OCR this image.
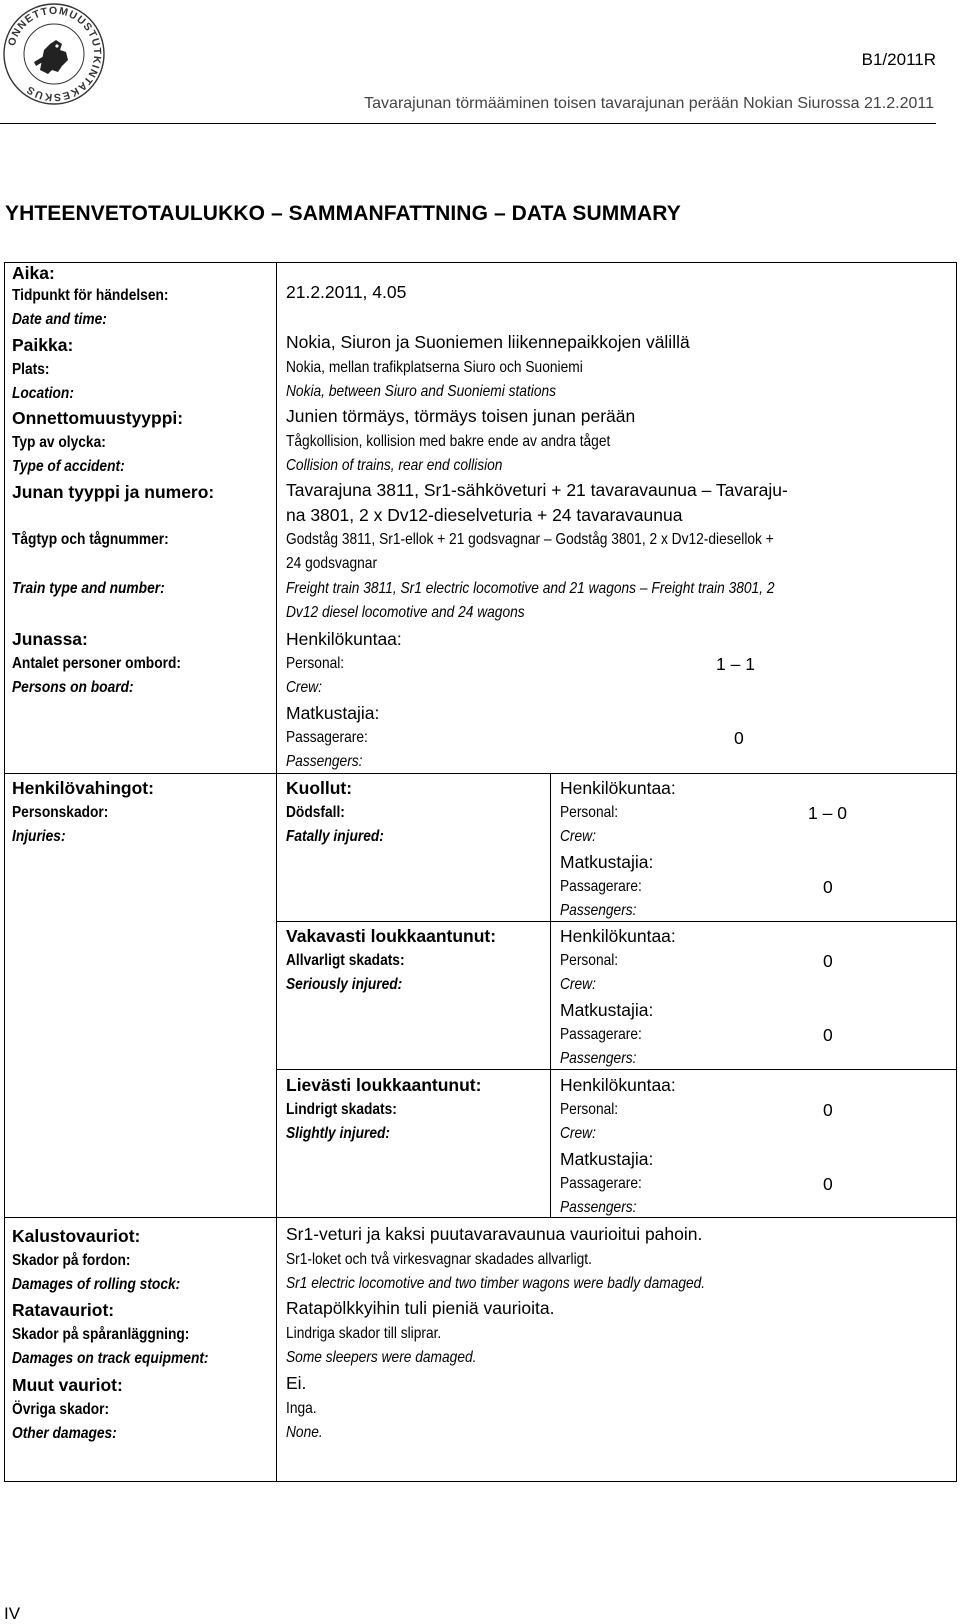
ONNETTOMUUSTUTKINTAKESKUS
B1/2011R
Tavarajunan törmääminen toisen tavarajunan perään Nokian Siurossa 21.2.2011
YHTEENVETOTAULUKKO – SAMMANFATTNING – DATA SUMMARY
Aika:
Tidpunkt för händelsen:
Date and time:
Paikka:
Plats:
Location:
Onnettomuustyyppi:
Typ av olycka:
Type of accident:
Junan tyyppi ja numero:
Tågtyp och tågnummer:
Train type and number:
Junassa:
Antalet personer ombord:
Persons on board:
Henkilövahingot:
Personskador:
Injuries:
Kalustovauriot:
Skador på fordon:
Damages of rolling stock:
Ratavauriot:
Skador på spåranläggning:
Damages on track equipment:
Muut vauriot:
Övriga skador:
Other damages:
21.2.2011, 4.05
Nokia, Siuron ja Suoniemen liikennepaikkojen välillä
Nokia, mellan trafikplatserna Siuro och Suoniemi
Nokia, between Siuro and Suoniemi stations
Junien törmäys, törmäys toisen junan perään
Tågkollision, kollision med bakre ende av andra tåget
Collision of trains, rear end collision
Tavarajuna 3811, Sr1-sähköveturi + 21 tavaravaunua – Tavaraju-
na 3801, 2 x Dv12-dieselveturia + 24 tavaravaunua
Godståg 3811, Sr1-ellok + 21 godsvagnar – Godståg 3801, 2 x Dv12-diesellok +
24 godsvagnar
Freight train 3811, Sr1 electric locomotive and 21 wagons – Freight train 3801, 2
Dv12 diesel locomotive and 24 wagons
Henkilökuntaa:
Personal:
Crew:
1 – 1
Matkustajia:
Passagerare:
Passengers:
0
Kuollut:
Dödsfall:
Fatally injured:
Henkilökuntaa:
Personal:
Crew:
1 – 0
Matkustajia:
Passagerare:
Passengers:
0
Vakavasti loukkaantunut:
Allvarligt skadats:
Seriously injured:
Henkilökuntaa:
Personal:
Crew:
0
Matkustajia:
Passagerare:
Passengers:
0
Lievästi loukkaantunut:
Lindrigt skadats:
Slightly injured:
Henkilökuntaa:
Personal:
Crew:
0
Matkustajia:
Passagerare:
Passengers:
0
Sr1-veturi ja kaksi puutavaravaunua vaurioitui pahoin.
Sr1-loket och två virkesvagnar skadades allvarligt.
Sr1 electric locomotive and two timber wagons were badly damaged.
Ratapölkkyihin tuli pieniä vaurioita.
Lindriga skador till sliprar.
Some sleepers were damaged.
Ei.
Inga.
None.
IV
